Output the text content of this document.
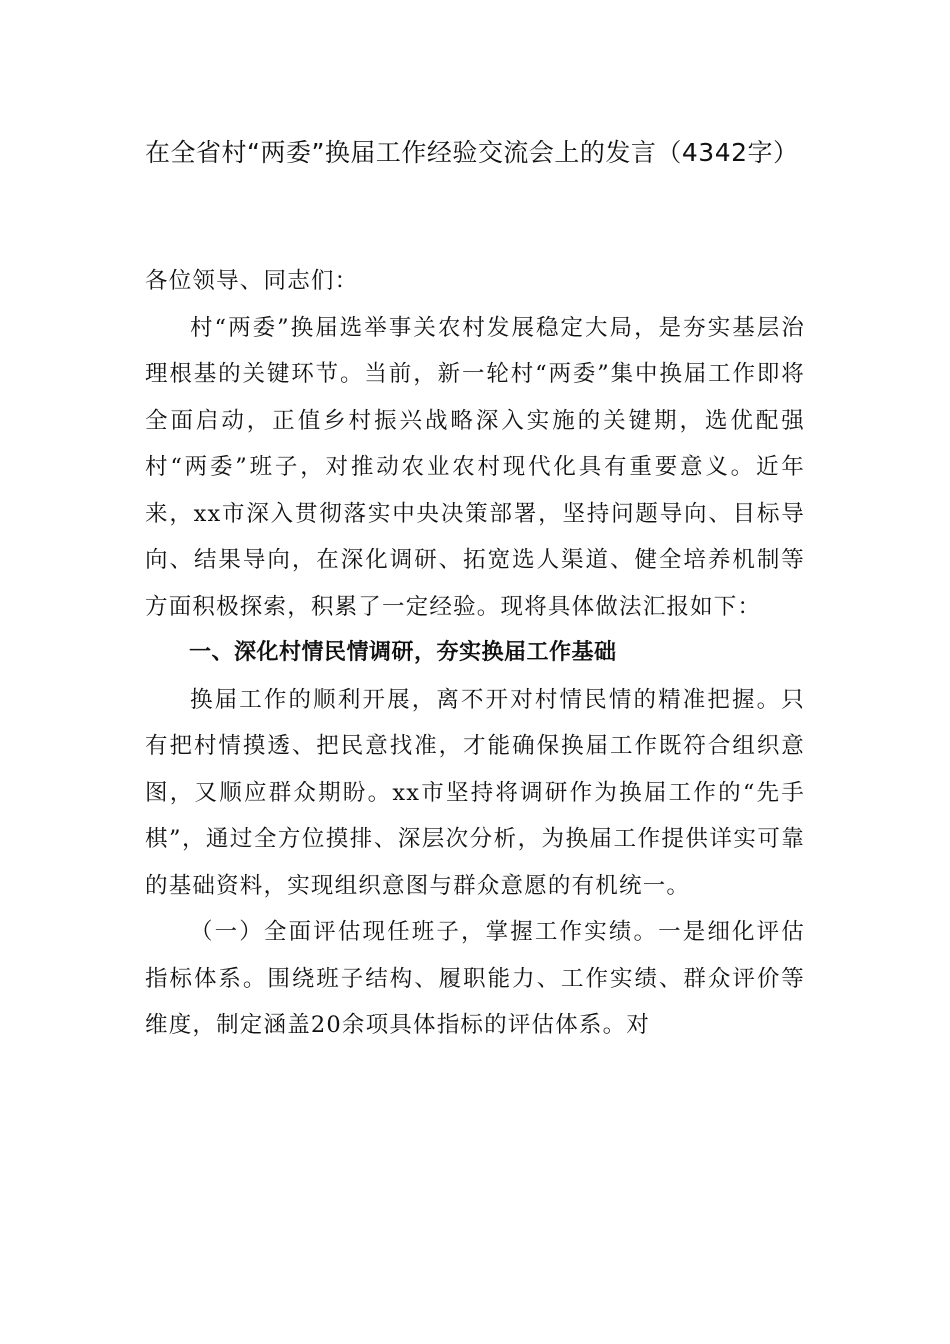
在全省村“两委”换届工作经验交流会上的发言（4342字）

各位领导、同志们：

村“两委”换届选举事关农村发展稳定大局，是夯实基层治理根基的关键环节。当前，新一轮村“两委”集中换届工作即将全面启动，正值乡村振兴战略深入实施的关键期，选优配强村“两委”班子，对推动农业农村现代化具有重要意义。近年来，xx市深入贯彻落实中央决策部署，坚持问题导向、目标导向、结果导向，在深化调研、拓宽选人渠道、健全培养机制等方面积极探索，积累了一定经验。现将具体做法汇报如下：

一、深化村情民情调研，夯实换届工作基础

换届工作的顺利开展，离不开对村情民情的精准把握。只有把村情摸透、把民意找准，才能确保换届工作既符合组织意图，又顺应群众期盼。xx市坚持将调研作为换届工作的“先手棋”，通过全方位摸排、深层次分析，为换届工作提供详实可靠的基础资料，实现组织意图与群众意愿的有机统一。

（一）全面评估现任班子，掌握工作实绩。一是细化评估指标体系。围绕班子结构、履职能力、工作实绩、群众评价等维度，制定涵盖20余项具体指标的评估体系。对
